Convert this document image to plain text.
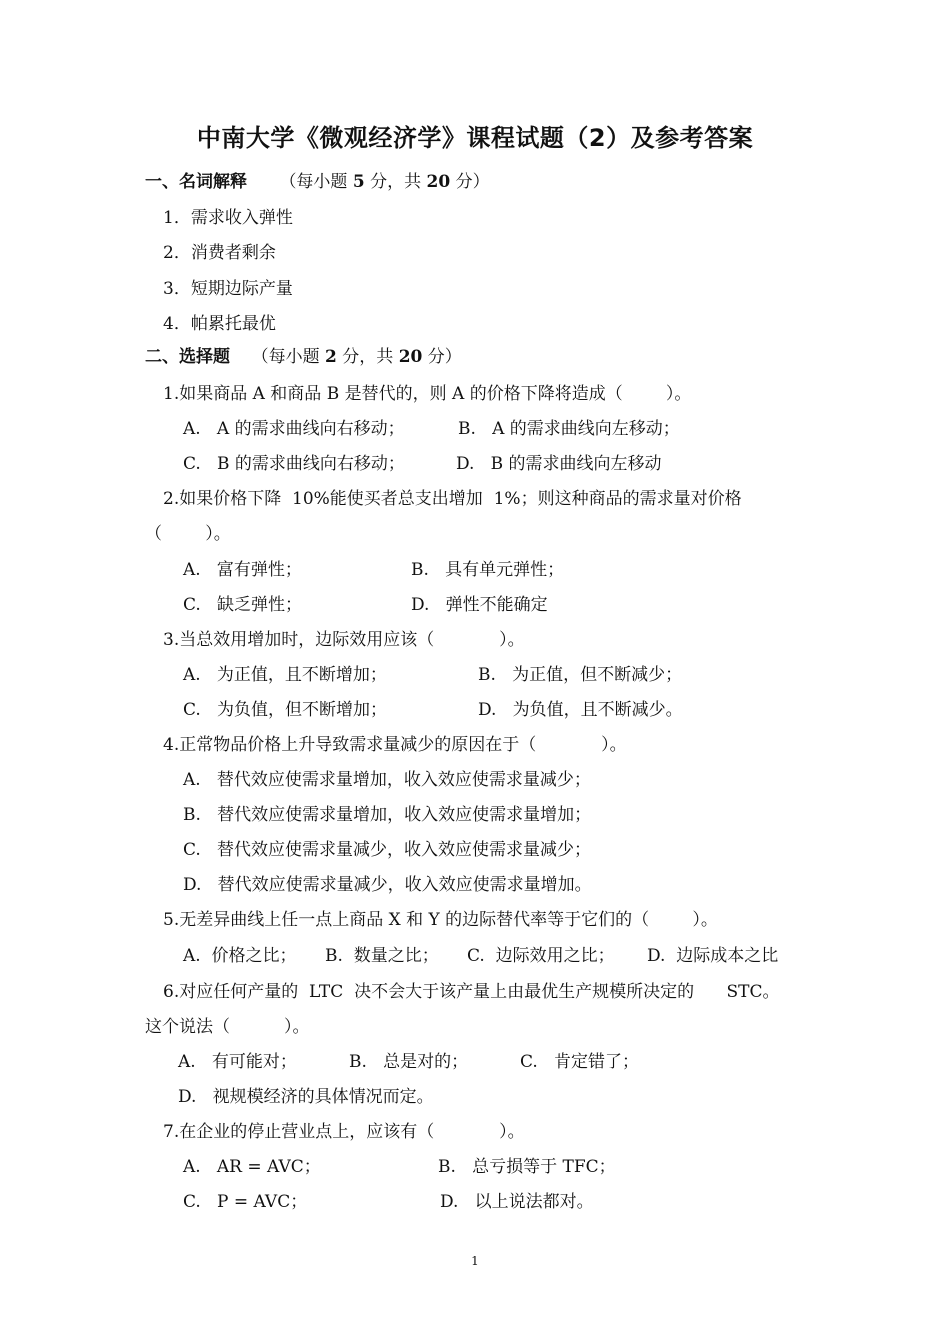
中南大学《微观经济学》课程试题（2）及参考答案
一、名词解释 （每小题 5 分，共 20 分）
1．需求收入弹性
2．消费者剩余
3．短期边际产量
4．帕累托最优
二、选择题 （每小题 2 分，共 20 分）
1.如果商品 A 和商品 B 是替代的，则 A 的价格下降将造成（        ）。
A.   A 的需求曲线向右移动；	B.   A 的需求曲线向左移动；
C.   B 的需求曲线向右移动；	D.   B 的需求曲线向左移动
2.如果价格下降  10%能使买者总支出增加  1%；则这种商品的需求量对价格
（        ）。
A.   富有弹性；	B.   具有单元弹性；
C.   缺乏弹性；	D.   弹性不能确定
3.当总效用增加时，边际效用应该（            ）。
A.   为正值，且不断增加；	B.   为正值，但不断减少；
C.   为负值，但不断增加；	D.   为负值，且不断减少。
4.正常物品价格上升导致需求量减少的原因在于（            ）。
A.   替代效应使需求量增加，收入效应使需求量减少；
B.   替代效应使需求量增加，收入效应使需求量增加；
C.   替代效应使需求量减少，收入效应使需求量减少；
D.   替代效应使需求量减少，收入效应使需求量增加。
5.无差异曲线上任一点上商品 X 和 Y 的边际替代率等于它们的（        ）。
A.  价格之比； B.  数量之比； C.  边际效用之比； D.  边际成本之比
6.对应任何产量的  LTC  决不会大于该产量上由最优生产规模所决定的      STC。
这个说法（          ）。
A.   有可能对；	B.   总是对的；	C.   肯定错了；
D.   视规模经济的具体情况而定。
7.在企业的停止营业点上，应该有（            ）。
A.   AR = AVC；	B.   总亏损等于 TFC；
C.   P = AVC；	D.   以上说法都对。
1
